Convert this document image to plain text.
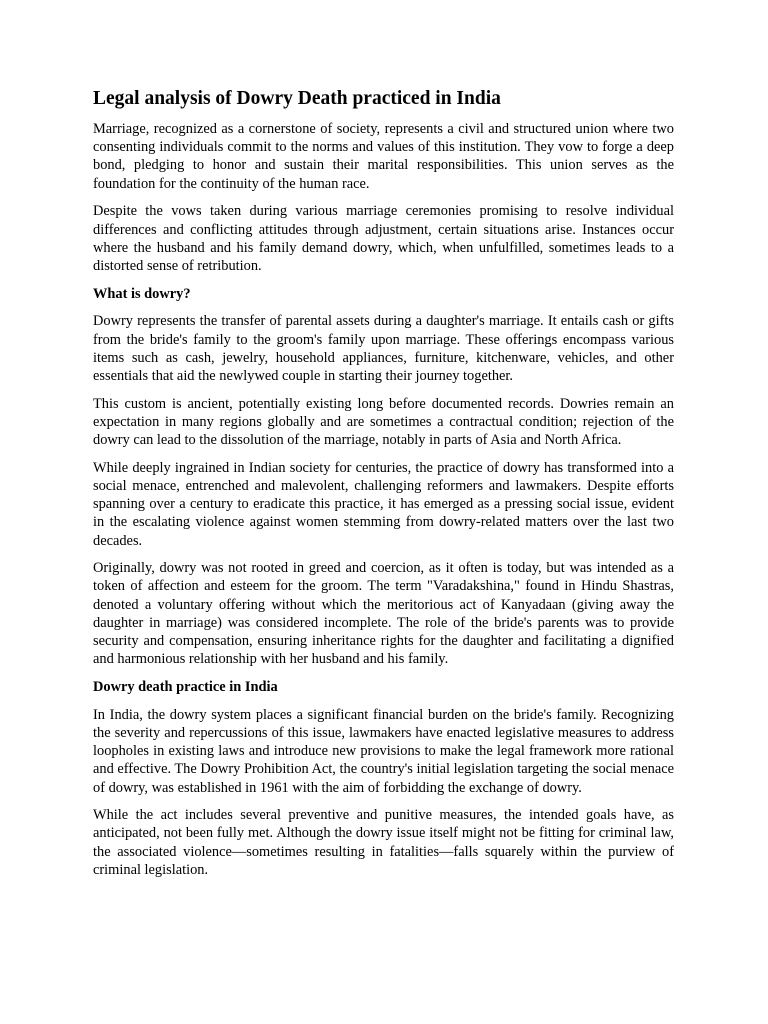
Legal analysis of Dowry Death practiced in India

Marriage, recognized as a cornerstone of society, represents a civil and structured union where two consenting individuals commit to the norms and values of this institution. They vow to forge a deep bond, pledging to honor and sustain their marital responsibilities. This union serves as the foundation for the continuity of the human race.

Despite the vows taken during various marriage ceremonies promising to resolve individual differences and conflicting attitudes through adjustment, certain situations arise. Instances occur where the husband and his family demand dowry, which, when unfulfilled, sometimes leads to a distorted sense of retribution.

What is dowry?

Dowry represents the transfer of parental assets during a daughter's marriage. It entails cash or gifts from the bride's family to the groom's family upon marriage. These offerings encompass various items such as cash, jewelry, household appliances, furniture, kitchenware, vehicles, and other essentials that aid the newlywed couple in starting their journey together.

This custom is ancient, potentially existing long before documented records. Dowries remain an expectation in many regions globally and are sometimes a contractual condition; rejection of the dowry can lead to the dissolution of the marriage, notably in parts of Asia and North Africa.

While deeply ingrained in Indian society for centuries, the practice of dowry has transformed into a social menace, entrenched and malevolent, challenging reformers and lawmakers. Despite efforts spanning over a century to eradicate this practice, it has emerged as a pressing social issue, evident in the escalating violence against women stemming from dowry-related matters over the last two decades.

Originally, dowry was not rooted in greed and coercion, as it often is today, but was intended as a token of affection and esteem for the groom. The term "Varadakshina," found in Hindu Shastras, denoted a voluntary offering without which the meritorious act of Kanyadaan (giving away the daughter in marriage) was considered incomplete. The role of the bride's parents was to provide security and compensation, ensuring inheritance rights for the daughter and facilitating a dignified and harmonious relationship with her husband and his family.

Dowry death practice in India

In India, the dowry system places a significant financial burden on the bride's family. Recognizing the severity and repercussions of this issue, lawmakers have enacted legislative measures to address loopholes in existing laws and introduce new provisions to make the legal framework more rational and effective. The Dowry Prohibition Act, the country's initial legislation targeting the social menace of dowry, was established in 1961 with the aim of forbidding the exchange of dowry.

While the act includes several preventive and punitive measures, the intended goals have, as anticipated, not been fully met. Although the dowry issue itself might not be fitting for criminal law, the associated violence—sometimes resulting in fatalities—falls squarely within the purview of criminal legislation.
